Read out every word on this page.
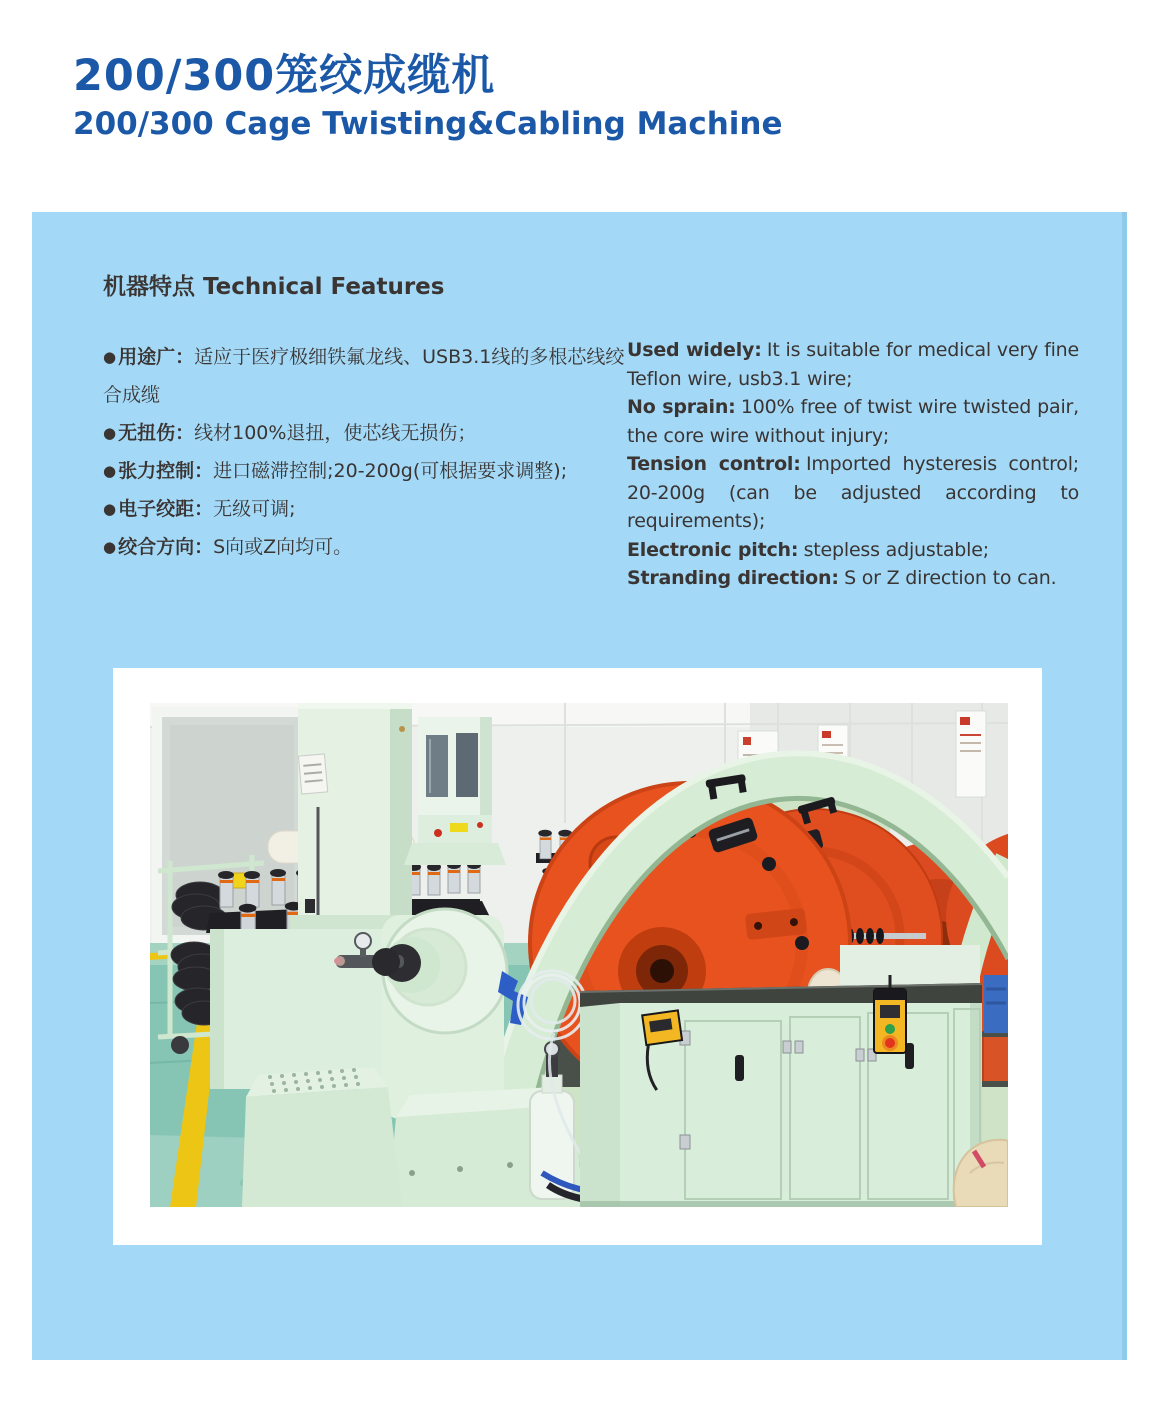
200/300笼绞成缆机
200/300 Cage Twisting&Cabling Machine
机器特点 Technical Features

● 用途广：适应于医疗极细铁氟龙线、USB3.1线的多根芯线绞合成缆

● 无扭伤：线材100%退扭，使芯线无损伤；

● 张力控制：进口磁滞控制;20-200g(可根据要求调整);

● 电子绞距：无级可调;

● 绞合方向：S向或Z向均可。

Used widely: It is suitable for medical very fine Teflon wire, usb3.1 wire;

No sprain: 100% free of twist wire twisted pair, the core wire without injury;

Tension control: Imported hysteresis control; 20-200g (can be adjusted according to requirements);

Electronic pitch: stepless adjustable;

Stranding direction: S or Z direction to can.
